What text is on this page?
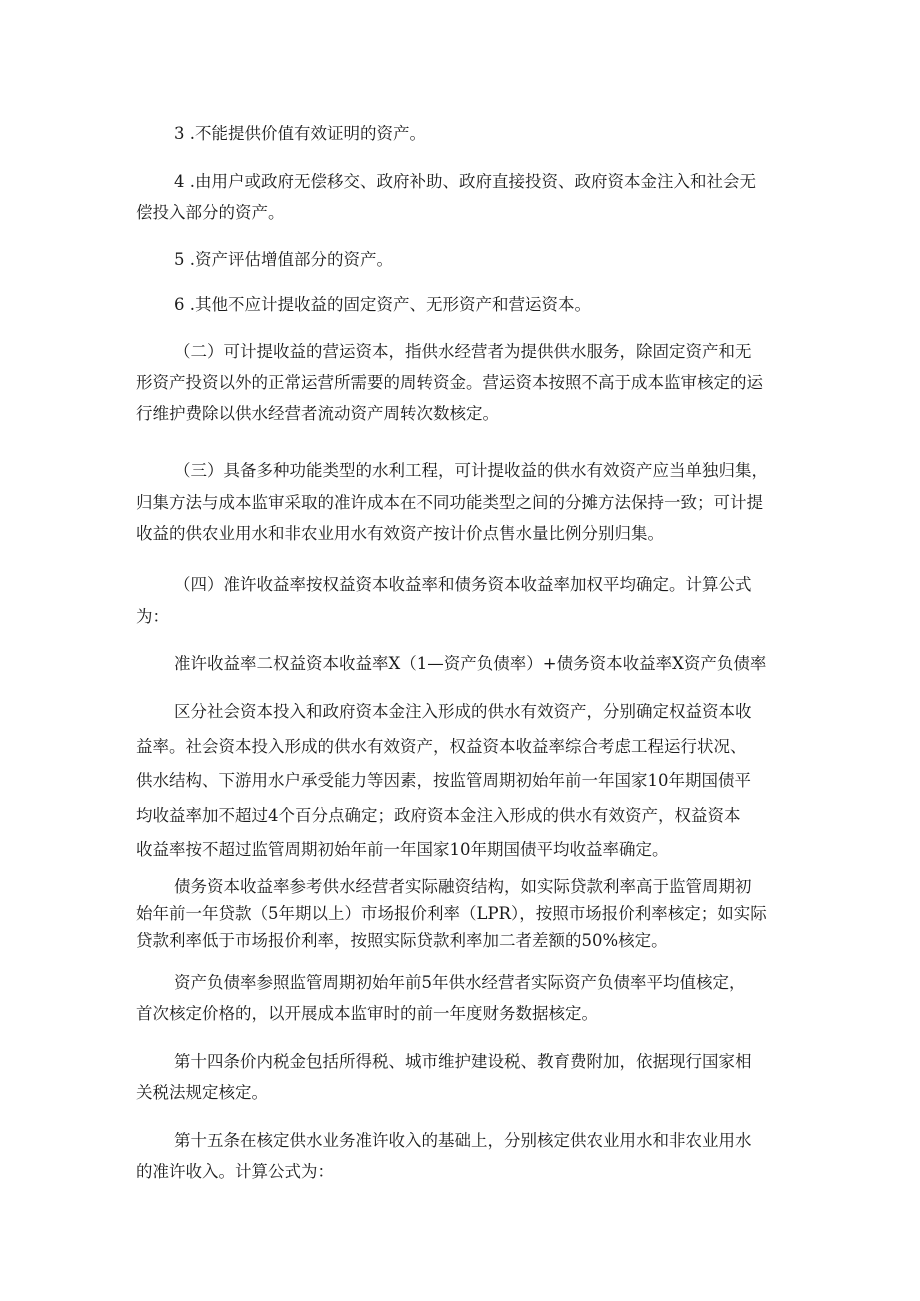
3 .不能提供价值有效证明的资产。
4 .由用户或政府无偿移交、政府补助、政府直接投资、政府资本金注入和社会无
偿投入部分的资产。
5 .资产评估增值部分的资产。
6 .其他不应计提收益的固定资产、无形资产和营运资本。
（二）可计提收益的营运资本，指供水经营者为提供供水服务，除固定资产和无
形资产投资以外的正常运营所需要的周转资金。营运资本按照不高于成本监审核定的运
行维护费除以供水经营者流动资产周转次数核定。
（三）具备多种功能类型的水利工程，可计提收益的供水有效资产应当单独归集，
归集方法与成本监审采取的准许成本在不同功能类型之间的分摊方法保持一致；可计提
收益的供农业用水和非农业用水有效资产按计价点售水量比例分别归集。
（四）准许收益率按权益资本收益率和债务资本收益率加权平均确定。计算公式
为：
准许收益率二权益资本收益率X（1—资产负债率）+债务资本收益率X资产负债率
区分社会资本投入和政府资本金注入形成的供水有效资产，分别确定权益资本收
益率。社会资本投入形成的供水有效资产，权益资本收益率综合考虑工程运行状况、
供水结构、下游用水户承受能力等因素，按监管周期初始年前一年国家10年期国债平
均收益率加不超过4个百分点确定；政府资本金注入形成的供水有效资产，权益资本
收益率按不超过监管周期初始年前一年国家10年期国债平均收益率确定。
债务资本收益率参考供水经营者实际融资结构，如实际贷款利率高于监管周期初
始年前一年贷款（5年期以上）市场报价利率（LPR），按照市场报价利率核定；如实际
贷款利率低于市场报价利率，按照实际贷款利率加二者差额的50%核定。
资产负债率参照监管周期初始年前5年供水经营者实际资产负债率平均值核定，
首次核定价格的，以开展成本监审时的前一年度财务数据核定。
第十四条价内税金包括所得税、城市维护建设税、教育费附加，依据现行国家相
关税法规定核定。
第十五条在核定供水业务准许收入的基础上，分别核定供农业用水和非农业用水
的准许收入。计算公式为：
